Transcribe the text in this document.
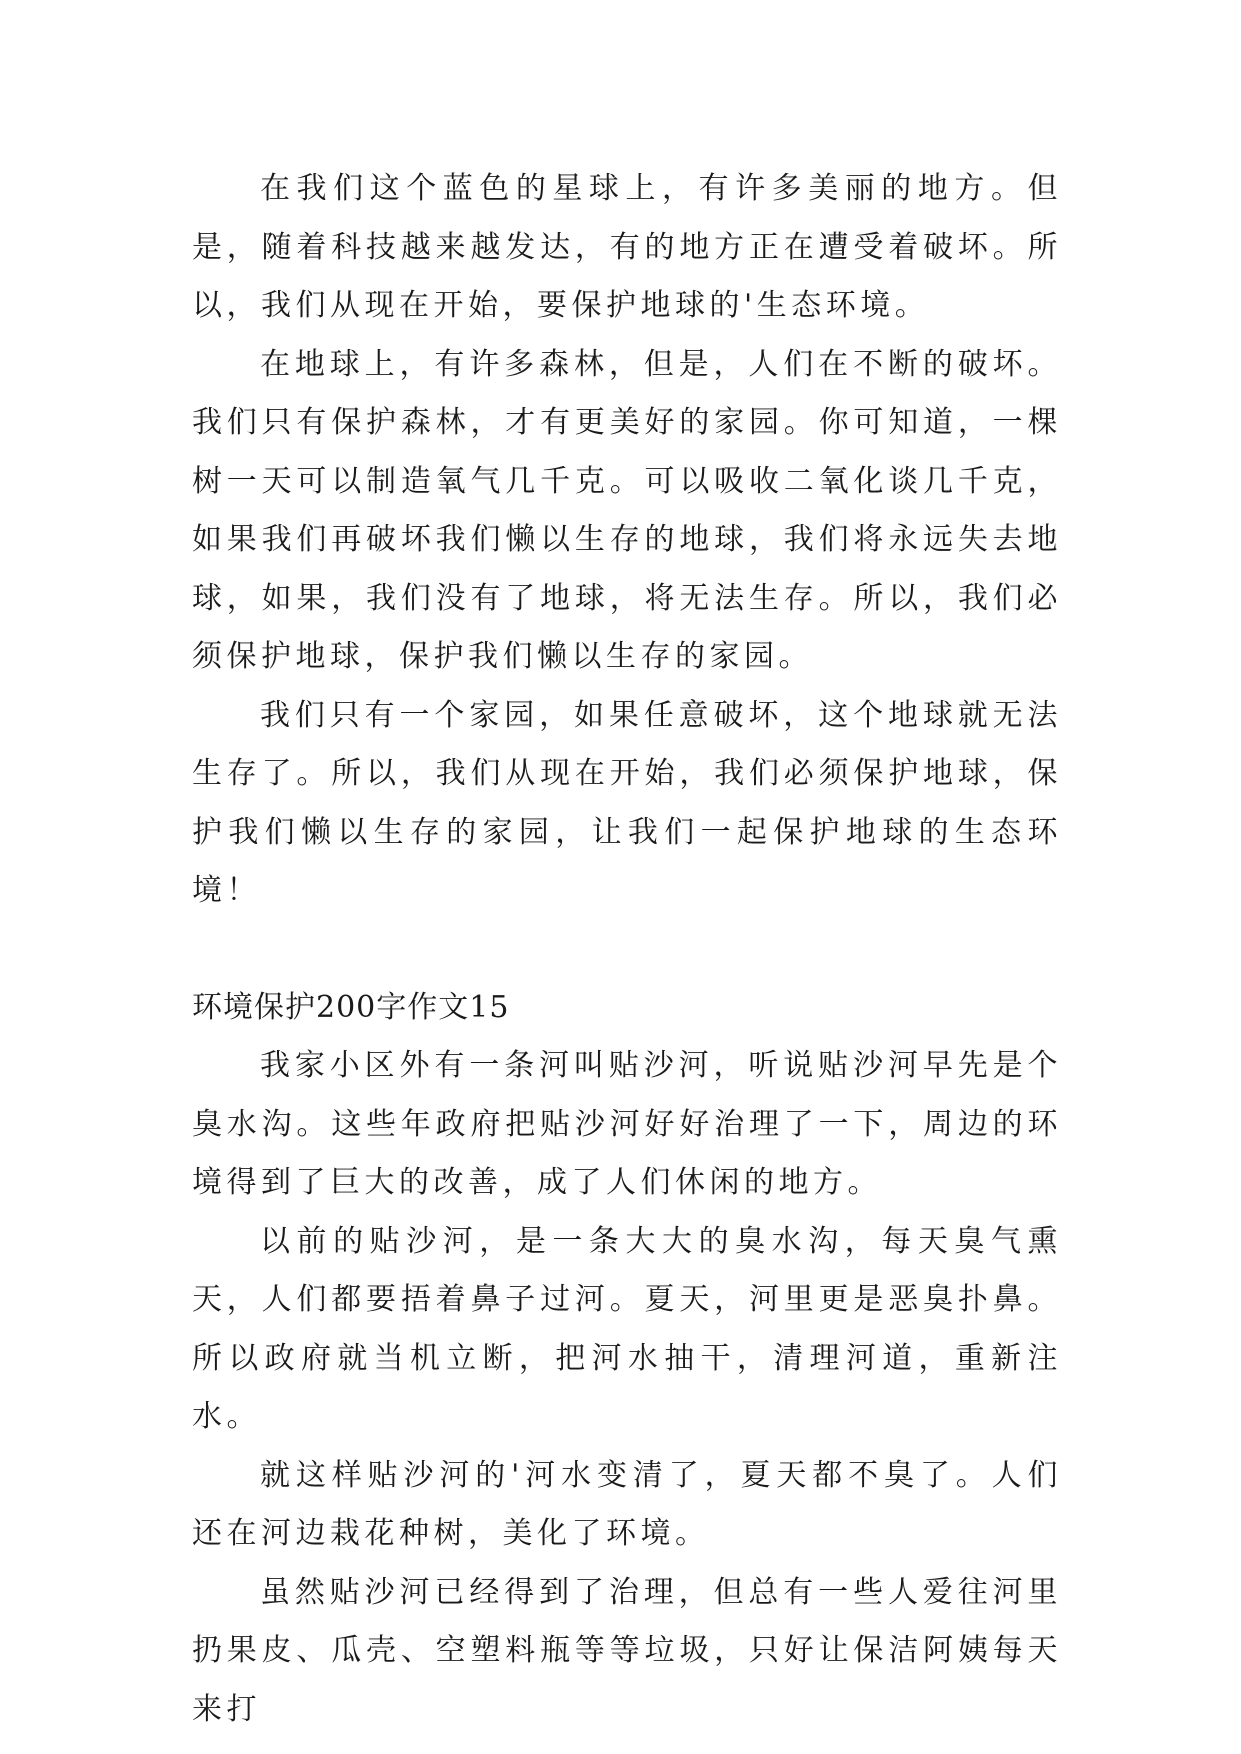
在我们这个蓝色的星球上，有许多美丽的地方。但是，随着科技越来越发达，有的地方正在遭受着破坏。所以，我们从现在开始，要保护地球的'生态环境。

在地球上，有许多森林，但是，人们在不断的破坏。我们只有保护森林，才有更美好的家园。你可知道，一棵树一天可以制造氧气几千克。可以吸收二氧化谈几千克，如果我们再破坏我们懒以生存的地球，我们将永远失去地球，如果，我们没有了地球，将无法生存。所以，我们必须保护地球，保护我们懒以生存的家园。

我们只有一个家园，如果任意破坏，这个地球就无法生存了。所以，我们从现在开始，我们必须保护地球，保护我们懒以生存的家园，让我们一起保护地球的生态环境！

环境保护200字作文15

我家小区外有一条河叫贴沙河，听说贴沙河早先是个臭水沟。这些年政府把贴沙河好好治理了一下，周边的环境得到了巨大的改善，成了人们休闲的地方。

以前的贴沙河，是一条大大的臭水沟，每天臭气熏天，人们都要捂着鼻子过河。夏天，河里更是恶臭扑鼻。所以政府就当机立断，把河水抽干，清理河道，重新注水。

就这样贴沙河的'河水变清了，夏天都不臭了。人们还在河边栽花种树，美化了环境。

虽然贴沙河已经得到了治理，但总有一些人爱往河里扔果皮、瓜壳、空塑料瓶等等垃圾，只好让保洁阿姨每天来打
